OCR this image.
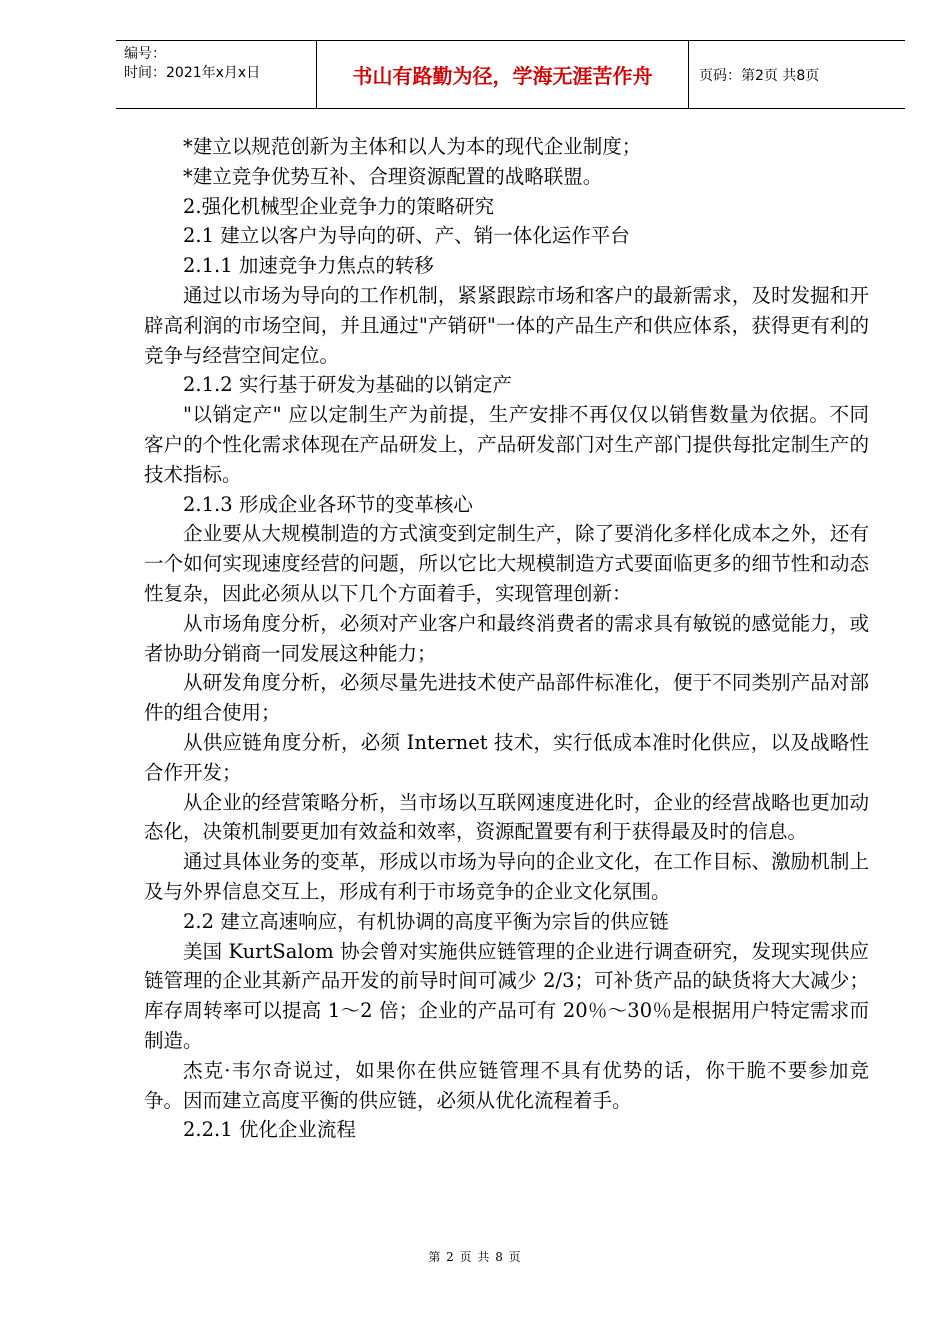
编号：
时间：2021年x月x日	书山有路勤为径，学海无涯苦作舟	页码：第2页 共8页

*建立以规范创新为主体和以人为本的现代企业制度；

*建立竞争优势互补、合理资源配置的战略联盟。

2.强化机械型企业竞争力的策略研究

2.1 建立以客户为导向的研、产、销一体化运作平台

2.1.1 加速竞争力焦点的转移

通过以市场为导向的工作机制，紧紧跟踪市场和客户的最新需求，及时发掘和开辟高利润的市场空间，并且通过"产销研"一体的产品生产和供应体系，获得更有利的竞争与经营空间定位。

2.1.2 实行基于研发为基础的以销定产

"以销定产" 应以定制生产为前提，生产安排不再仅仅以销售数量为依据。不同客户的个性化需求体现在产品研发上，产品研发部门对生产部门提供每批定制生产的技术指标。

2.1.3 形成企业各环节的变革核心

企业要从大规模制造的方式演变到定制生产，除了要消化多样化成本之外，还有一个如何实现速度经营的问题，所以它比大规模制造方式要面临更多的细节性和动态性复杂，因此必须从以下几个方面着手，实现管理创新：

从市场角度分析，必须对产业客户和最终消费者的需求具有敏锐的感觉能力，或者协助分销商一同发展这种能力；

从研发角度分析，必须尽量先进技术使产品部件标准化，便于不同类别产品对部件的组合使用；

从供应链角度分析，必须 Internet 技术，实行低成本准时化供应，以及战略性合作开发；

从企业的经营策略分析，当市场以互联网速度进化时，企业的经营战略也更加动态化，决策机制要更加有效益和效率，资源配置要有利于获得最及时的信息。

通过具体业务的变革，形成以市场为导向的企业文化，在工作目标、激励机制上及与外界信息交互上，形成有利于市场竞争的企业文化氛围。

2.2 建立高速响应，有机协调的高度平衡为宗旨的供应链

美国 KurtSalom 协会曾对实施供应链管理的企业进行调查研究，发现实现供应链管理的企业其新产品开发的前导时间可减少 2/3；可补货产品的缺货将大大减少；库存周转率可以提高 1～2 倍；企业的产品可有 20％～30％是根据用户特定需求而制造。

杰克·韦尔奇说过，如果你在供应链管理不具有优势的话，你干脆不要参加竞争。因而建立高度平衡的供应链，必须从优化流程着手。

2.2.1 优化企业流程

第 2 页 共 8 页
